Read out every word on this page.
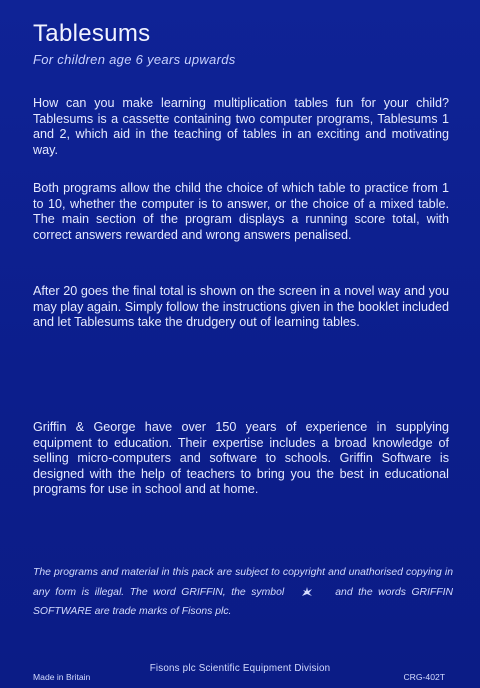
Tablesums
For children age 6 years upwards
How can you make learning multiplication tables fun for your child? Tablesums is a cassette containing two computer programs, Tablesums 1 and 2, which aid in the teaching of tables in an exciting and motivating way.
Both programs allow the child the choice of which table to practice from 1 to 10, whether the computer is to answer, or the choice of a mixed table. The main section of the program displays a running score total, with correct answers rewarded and wrong answers penalised.
After 20 goes the final total is shown on the screen in a novel way and you may play again. Simply follow the instructions given in the booklet included and let Tablesums take the drudgery out of learning tables.
Griffin & George have over 150 years of experience in supplying equipment to education. Their expertise includes a broad knowledge of selling micro-computers and software to schools. Griffin Software is designed with the help of teachers to bring you the best in educational programs for use in school and at home.
The programs and material in this pack are subject to copyright and unathorised copying in any form is illegal. The word GRIFFIN, the symbol	and the words GRIFFIN SOFTWARE are trade marks of Fisons plc.
Fisons plc Scientific Equipment Division
Made in Britain	CRG-402T
